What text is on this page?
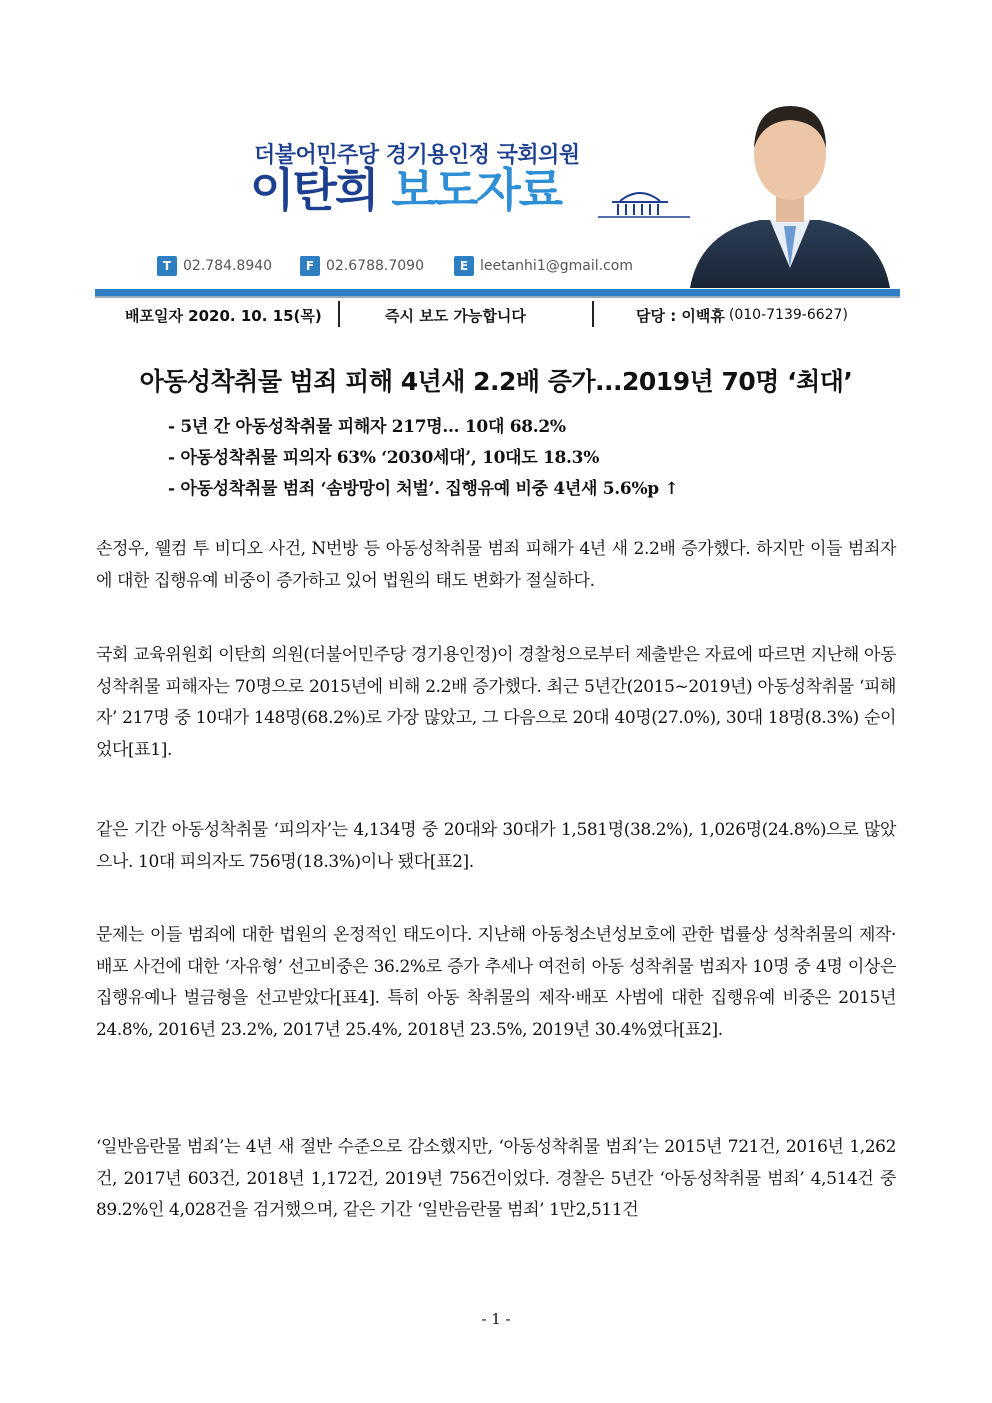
더불어민주당 경기용인정 국회의원
이탄희 보도자료
T 02.784.8940	F 02.6788.7090	E leetanhi1@gmail.com
배포일자 2020. 10. 15(목)	즉시 보도 가능합니다	담당 : 이백휴 (010-7139-6627)
아동성착취물 범죄 피해 4년새 2.2배 증가...2019년 70명 ‘최대’
- 5년 간 아동성착취물 피해자 217명... 10대 68.2%
- 아동성착취물 피의자 63% ‘2030세대’, 10대도 18.3%
- 아동성착취물 범죄 ‘솜방망이 처벌’. 집행유예 비중 4년새 5.6%p ↑
손정우, 웰컴 투 비디오 사건, N번방 등 아동성착취물 범죄 피해가 4년 새 2.2배 증가했다. 하지만 이들 범죄자에 대한 집행유예 비중이 증가하고 있어 법원의 태도 변화가 절실하다.
국회 교육위원회 이탄희 의원(더불어민주당 경기용인정)이 경찰청으로부터 제출받은 자료에 따르면 지난해 아동성착취물 피해자는 70명으로 2015년에 비해 2.2배 증가했다. 최근 5년간(2015~2019년) 아동성착취물 ‘피해자’ 217명 중 10대가 148명(68.2%)로 가장 많았고, 그 다음으로 20대 40명(27.0%), 30대 18명(8.3%) 순이었다[표1].
같은 기간 아동성착취물 ‘피의자’는 4,134명 중 20대와 30대가 1,581명(38.2%), 1,026명(24.8%)으로 많았으나. 10대 피의자도 756명(18.3%)이나 됐다[표2].
문제는 이들 범죄에 대한 법원의 온정적인 태도이다. 지난해 아동청소년성보호에 관한 법률상 성착취물의 제작·배포 사건에 대한 ‘자유형’ 선고비중은 36.2%로 증가 추세나 여전히 아동 성착취물 범죄자 10명 중 4명 이상은 집행유예나 벌금형을 선고받았다[표4]. 특히 아동 착취물의 제작·배포 사범에 대한 집행유예 비중은 2015년 24.8%, 2016년 23.2%, 2017년 25.4%, 2018년 23.5%, 2019년 30.4%였다[표2].
‘일반음란물 범죄’는 4년 새 절반 수준으로 감소했지만, ‘아동성착취물 범죄’는 2015년 721건, 2016년 1,262건, 2017년 603건, 2018년 1,172건, 2019년 756건이었다. 경찰은 5년간 ‘아동성착취물 범죄’ 4,514건 중 89.2%인 4,028건을 검거했으며, 같은 기간 ‘일반음란물 범죄’ 1만2,511건
- 1 -
